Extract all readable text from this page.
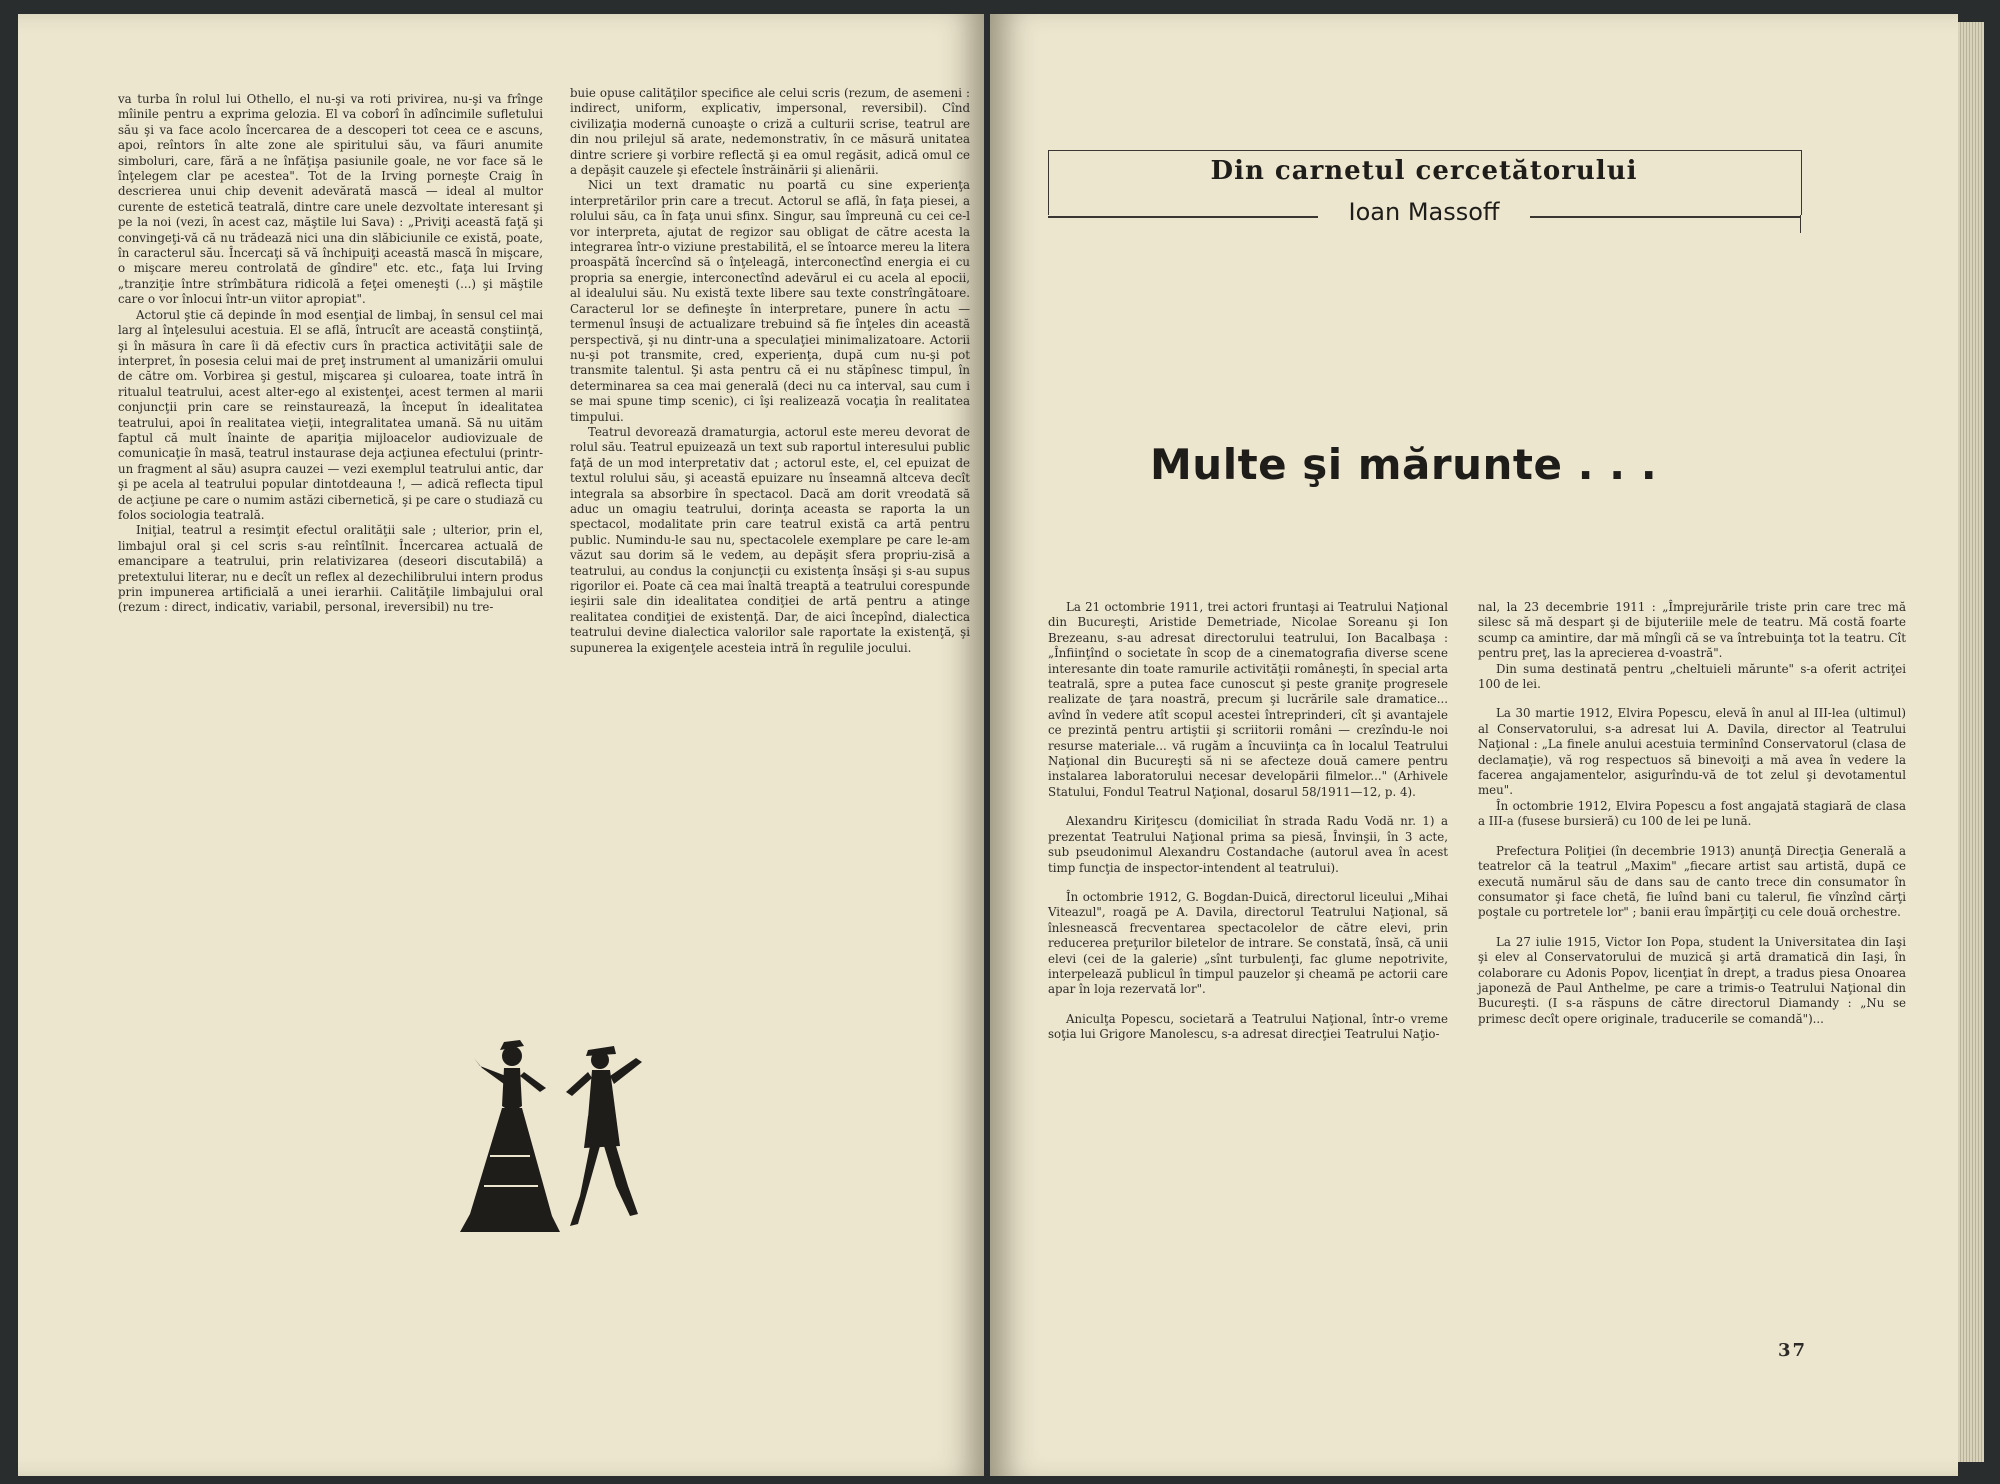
va turba în rolul lui Othello, el nu-şi va roti privirea, nu-şi va frînge mîinile pentru a exprima gelozia. El va coborî în adîncimile sufletului său şi va face acolo încercarea de a descoperi tot ceea ce e ascuns, apoi, reîntors în alte zone ale spiritului său, va făuri anumite simboluri, care, fără a ne înfăţişa pasiunile goale, ne vor face să le înţelegem clar pe acestea". Tot de la Irving porneşte Craig în descrierea unui chip devenit adevărată mască — ideal al multor curente de estetică teatrală, dintre care unele dezvoltate interesant şi pe la noi (vezi, în acest caz, măştile lui Sava) : „Priviţi această faţă şi convingeţi-vă că nu trădează nici una din slăbiciunile ce există, poate, în caracterul său. Încercaţi să vă închipuiţi această mască în mişcare, o mişcare mereu controlată de gîndire" etc. etc., faţa lui Irving „tranziţie între strîmbătura ridicolă a feţei omeneşti (...) şi măştile care o vor înlocui într-un viitor apropiat".

Actorul ştie că depinde în mod esenţial de limbaj, în sensul cel mai larg al înţelesului acestuia. El se află, întrucît are această conştiinţă, şi în măsura în care îi dă efectiv curs în practica activităţii sale de interpret, în posesia celui mai de preţ instrument al umanizării omului de către om. Vorbirea şi gestul, mişcarea şi culoarea, toate intră în ritualul teatrului, acest alter-ego al existenţei, acest termen al marii conjuncţii prin care se reinstaurează, la început în idealitatea teatrului, apoi în realitatea vieţii, integralitatea umană. Să nu uităm faptul că mult înainte de apariţia mijloacelor audiovizuale de comunicaţie în masă, teatrul instaurase deja acţiunea efectului (printr-un fragment al său) asupra cauzei — vezi exemplul teatrului antic, dar şi pe acela al teatrului popular dintotdeauna !, — adică reflecta tipul de acţiune pe care o numim astăzi cibernetică, şi pe care o studiază cu folos sociologia teatrală.

Iniţial, teatrul a resimţit efectul oralităţii sale ; ulterior, prin el, limbajul oral şi cel scris s-au reîntîlnit. Încercarea actuală de emancipare a teatrului, prin relativizarea (deseori discutabilă) a pretextului literar, nu e decît un reflex al dezechilibrului intern produs prin impunerea artificială a unei ierarhii. Calităţile limbajului oral (rezum : direct, indicativ, variabil, personal, ireversibil) nu tre-

buie opuse calităţilor specifice ale celui scris (rezum, de asemeni : indirect, uniform, explicativ, impersonal, reversibil). Cînd civilizaţia modernă cunoaşte o criză a culturii scrise, teatrul are din nou prilejul să arate, nedemonstrativ, în ce măsură unitatea dintre scriere şi vorbire reflectă şi ea omul regăsit, adică omul ce a depăşit cauzele şi efectele înstrăinării şi alienării.

Nici un text dramatic nu poartă cu sine experienţa interpretărilor prin care a trecut. Actorul se află, în faţa piesei, a rolului său, ca în faţa unui sfinx. Singur, sau împreună cu cei ce-l vor interpreta, ajutat de regizor sau obligat de către acesta la integrarea într-o viziune prestabilită, el se întoarce mereu la litera proaspătă încercînd să o înţeleagă, interconectînd energia ei cu propria sa energie, interconectînd adevărul ei cu acela al epocii, al idealului său. Nu există texte libere sau texte constrîngătoare. Caracterul lor se defineşte în interpretare, punere în actu — termenul însuşi de actualizare trebuind să fie înţeles din această perspectivă, şi nu dintr-una a speculaţiei minimalizatoare. Actorii nu-şi pot transmite, cred, experienţa, după cum nu-şi pot transmite talentul. Şi asta pentru că ei nu stăpînesc timpul, în determinarea sa cea mai generală (deci nu ca interval, sau cum i se mai spune timp scenic), ci îşi realizează vocaţia în realitatea timpului.

Teatrul devorează dramaturgia, actorul este mereu devorat de rolul său. Teatrul epuizează un text sub raportul interesului public faţă de un mod interpretativ dat ; actorul este, el, cel epuizat de textul rolului său, şi această epuizare nu înseamnă altceva decît integrala sa absorbire în spectacol. Dacă am dorit vreodată să aduc un omagiu teatrului, dorinţa aceasta se raporta la un spectacol, modalitate prin care teatrul există ca artă pentru public. Numindu-le sau nu, spectacolele exemplare pe care le-am văzut sau dorim să le vedem, au depăşit sfera propriu-zisă a teatrului, au condus la conjuncţii cu existenţa însăşi şi s-au supus rigorilor ei. Poate că cea mai înaltă treaptă a teatrului corespunde ieşirii sale din idealitatea condiţiei de artă pentru a atinge realitatea condiţiei de existenţă. Dar, de aici începînd, dialectica teatrului devine dialectica valorilor sale raportate la existenţă, şi supunerea la exigenţele acesteia intră în regulile jocului.

Din carnetul cercetătorului
Ioan Massoff
Multe şi mărunte . . .

La 21 octombrie 1911, trei actori fruntaşi ai Teatrului Naţional din Bucureşti, Aristide Demetriade, Nicolae Soreanu şi Ion Brezeanu, s-au adresat directorului teatrului, Ion Bacalbaşa : „Înfiinţînd o societate în scop de a cinematografia diverse scene interesante din toate ramurile activităţii româneşti, în special arta teatrală, spre a putea face cunoscut şi peste graniţe progresele realizate de ţara noastră, precum şi lucrările sale dramatice... avînd în vedere atît scopul acestei întreprinderi, cît şi avantajele ce prezintă pentru artiştii şi scriitorii români — crezîndu-le noi resurse materiale... vă rugăm a încuviinţa ca în localul Teatrului Naţional din Bucureşti să ni se afecteze două camere pentru instalarea laboratorului necesar developării filmelor..." (Arhivele Statului, Fondul Teatrul Naţional, dosarul 58/1911—12, p. 4).

Alexandru Kiriţescu (domiciliat în strada Radu Vodă nr. 1) a prezentat Teatrului Naţional prima sa piesă, Învinşii, în 3 acte, sub pseudonimul Alexandru Costandache (autorul avea în acest timp funcţia de inspector-intendent al teatrului).

În octombrie 1912, G. Bogdan-Duică, directorul liceului „Mihai Viteazul", roagă pe A. Davila, directorul Teatrului Naţional, să înlesnească frecventarea spectacolelor de către elevi, prin reducerea preţurilor biletelor de intrare. Se constată, însă, că unii elevi (cei de la galerie) „sînt turbulenţi, fac glume nepotrivite, interpelează publicul în timpul pauzelor şi cheamă pe actorii care apar în loja rezervată lor".

Aniculţa Popescu, societară a Teatrului Naţional, într-o vreme soţia lui Grigore Manolescu, s-a adresat direcţiei Teatrului Naţio-

nal, la 23 decembrie 1911 : „Împrejurările triste prin care trec mă silesc să mă despart şi de bijuteriile mele de teatru. Mă costă foarte scump ca amintire, dar mă mîngîi că se va întrebuinţa tot la teatru. Cît pentru preţ, las la aprecierea d-voastră".

Din suma destinată pentru „cheltuieli mărunte" s-a oferit actriţei 100 de lei.

La 30 martie 1912, Elvira Popescu, elevă în anul al III-lea (ultimul) al Conservatorului, s-a adresat lui A. Davila, director al Teatrului Naţional : „La finele anului acestuia terminînd Conservatorul (clasa de declamaţie), vă rog respectuos să binevoiţi a mă avea în vedere la facerea angajamentelor, asigurîndu-vă de tot zelul şi devotamentul meu".

În octombrie 1912, Elvira Popescu a fost angajată stagiară de clasa a III-a (fusese bursieră) cu 100 de lei pe lună.

Prefectura Poliţiei (în decembrie 1913) anunţă Direcţia Generală a teatrelor că la teatrul „Maxim" „fiecare artist sau artistă, după ce execută numărul său de dans sau de canto trece din consumator în consumator şi face chetă, fie luînd bani cu talerul, fie vînzînd cărţi poştale cu portretele lor" ; banii erau împărţiţi cu cele două orchestre.

La 27 iulie 1915, Victor Ion Popa, student la Universitatea din Iaşi şi elev al Conservatorului de muzică şi artă dramatică din Iaşi, în colaborare cu Adonis Popov, licenţiat în drept, a tradus piesa Onoarea japoneză de Paul Anthelme, pe care a trimis-o Teatrului Naţional din Bucureşti. (I s-a răspuns de către directorul Diamandy : „Nu se primesc decît opere originale, traducerile se comandă")...

37
